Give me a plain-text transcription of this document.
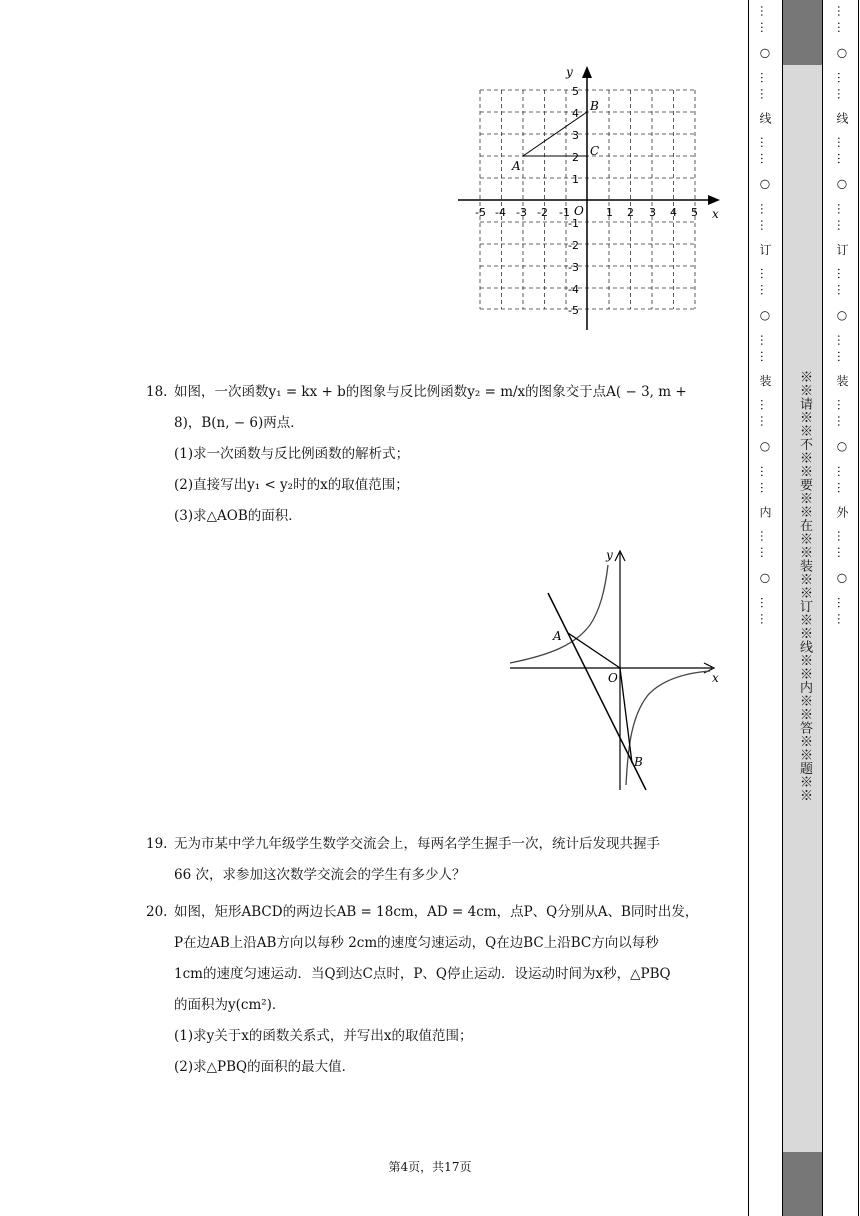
B
C
A
O	x
y
-5 -4 -3 -2 -1	1 2 3 4 5
5
4
3
2
1
-1
-2
-3
-4
-5
18. 如图，一次函数y₁ = kx + b的图象与反比例函数y₂ = m/x的图象交于点A( − 3, m +
8)，B(n, − 6)两点．
(1)求一次函数与反比例函数的解析式；
(2)直接写出y₁ < y₂时的x的取值范围；
(3)求△AOB的面积．
A
B
O	x
y
19. 无为市某中学九年级学生数学交流会上，每两名学生握手一次，统计后发现共握手
66 次，求参加这次数学交流会的学生有多少人？
20. 如图，矩形ABCD的两边长AB = 18cm，AD = 4cm，点P、Q分别从A、B同时出发，
P在边AB上沿AB方向以每秒 2cm的速度匀速运动，Q在边BC上沿BC方向以每秒
1cm的速度匀速运动．当Q到达C点时，P、Q停止运动．设运动时间为x秒，△PBQ
的面积为y(cm²)．
(1)求y关于x的函数关系式，并写出x的取值范围；
(2)求△PBQ的面积的最大值．
第4页，共17页
※※请※※不※※要※※在※※装※※订※※线※※内※※答※※题※※
…… ○ …… 线 …… ○ …… 订 …… ○ …… 装 …… ○ …… 内 …… ○ ……	…… ○ …… 线 …… ○ …… 订 …… ○ …… 装 …… ○ …… 外 …… ○ ……
